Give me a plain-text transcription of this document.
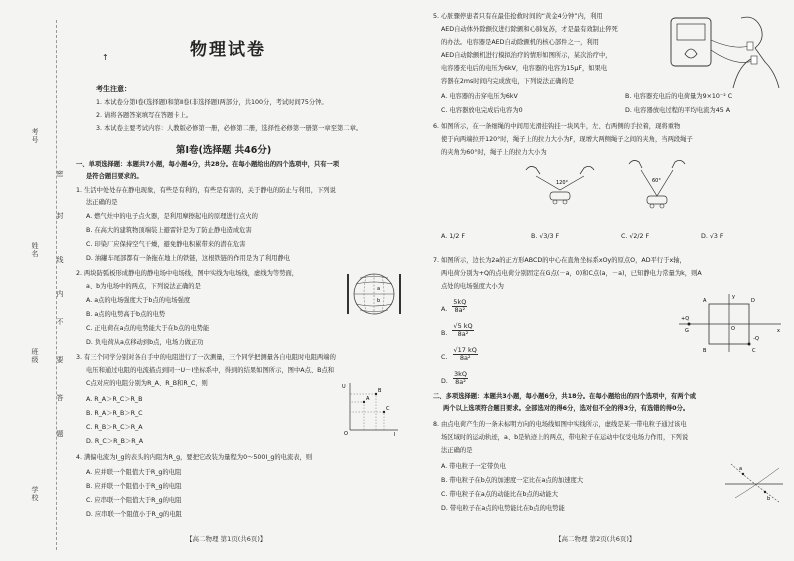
考号
姓名
班级
学校
密
封
线
内
不
要
答
题
↑	物理试卷
考生注意：
1. 本试卷分第Ⅰ卷(选择题)和第Ⅱ卷(非选择题)两部分，共100分，考试时间75分钟。
2. 请将各题答案填写在答题卡上。
3. 本试卷主要考试内容：人教版必修第一册，必修第二册，选择性必修第一册第一章至第二章。
第Ⅰ卷(选择题 共46分)
一、单项选择题：本题共7小题，每小题4分，共28分。在每小题给出的四个选项中，只有一项
是符合题目要求的。
1. 生活中处处存在静电现象，有些是有利的，有些是有害的，关于静电的防止与利用，下列说
法正确的是
A. 燃气灶中的电子点火器，是利用摩擦起电的原理进行点火的
B. 在高大的建筑物顶端装上避雷针是为了防止静电造成危害
C. 印染厂应保持空气干燥，避免静电积累带来的潜在危害
D. 油罐车尾部都有一条拖在地上的铁链，这根铁链的作用是为了利用静电
2. 两块防弧板形成静电的静电场中电场线，图中实线为电场线，虚线为等势面，
a、b为电场中的两点，下列说法正确的是
A. a点的电场强度大于b点的电场强度
B. a点的电势高于b点的电势
C. 正电荷在a点的电势能大于在b点的电势能
D. 负电荷从a点移动到b点，电场力做正功
a
b
3. 有三个同学分别对各自手中的电阻进行了一次测量，三个同学把测量各自电阻时电阻两端的
电压和通过电阻的电流描点到同一U－I坐标系中，得到的结果如图所示，图中A点、B点和
C点对应的电阻分别为R_A、R_B和R_C，则
A. R_A＞R_C＞R_B
B. R_A＞R_B＞R_C
C. R_B＞R_C＞R_A
D. R_C＞R_B＞R_A
U
I
O
A
B
C
4. 满偏电流为I_g的表头的内阻为R_g，要把它改装为量程为0～500I_g的电流表，则
A. 应并联一个阻值大于R_g的电阻
B. 应并联一个阻值小于R_g的电阻
C. 应串联一个阻值大于R_g的电阻
D. 应串联一个阻值小于R_g的电阻
【高二物理 第1页(共6页)】
5. 心脏骤停患者只有在最佳抢救时间的“黄金4分钟”内，利用
AED自动体外除颤仪进行除颤和心肺复苏，才是最有效制止猝死
的办法。电容器是AED自动除颤机的核心部件之一，利用
AED自动除颤机进行模拟治疗的情形如图所示，某次治疗中，
电容器充电后的电压为6kV，电容器的电容为15μF，如果电
容器在2ms时间内完成放电，下列说法正确的是
A. 电容器的击穿电压为6kV	B. 电容器充电后的电荷量为9×10⁻² C
C. 电容器放电完成后电容为0	D. 电容器放电过程的平均电流为45 A
6. 如图所示，在一条细绳的中间用光滑挂钩挂一块风牛，左、右两侧的手拉着，现将重物
使于向两端拉开120°时，绳子上的拉力大小为F，现增大两侧绳子之间的夹角，当两段绳子
的夹角为60°时，绳子上的拉力大小为
120°	60°
A. 1/2 F	B. √3/3 F	C. √2/2 F	D. √3 F
7. 如图所示，边长为2a的正方形ABCD的中心在直角坐标系xOy的原点O，AD平行于x轴，
两电荷分别为+Q的点电荷分别固定在G点(－a，0)和C点(a，－a)，已知静电力常量为k，则A
点处的电场强度大小为
A. $\frac{5kQ}{\text{8a²}}$
B. $\frac{√5 kQ}{\text{8a²}}$
C. $\frac{√17 kQ}{\text{8a²}}$
D. $\frac{3kQ}{\text{8a²}}$
A	D
B	C
G
+Q
-Q
x
y
O
二、多项选择题：本题共3小题，每小题6分，共18分。在每小题给出的四个选项中，有两个或
两个以上选项符合题目要求。全部选对的得6分，选对但不全的得3分，有选错的得0分。
8. 由点电荷产生的一条未标明方向的电场线如图中实线所示，虚线是某一带电粒子通过该电
场区域时的运动轨迹，a、b是轨迹上的两点，带电粒子在运动中仅受电场力作用，下列说
法正确的是
A. 带电粒子一定带负电
B. 带电粒子在b点的加速度一定比在a点的加速度大
C. 带电粒子在a点的动能比在b点的动能大
D. 带电粒子在a点的电势能比在b点的电势能
a
b
【高二物理 第2页(共6页)】
